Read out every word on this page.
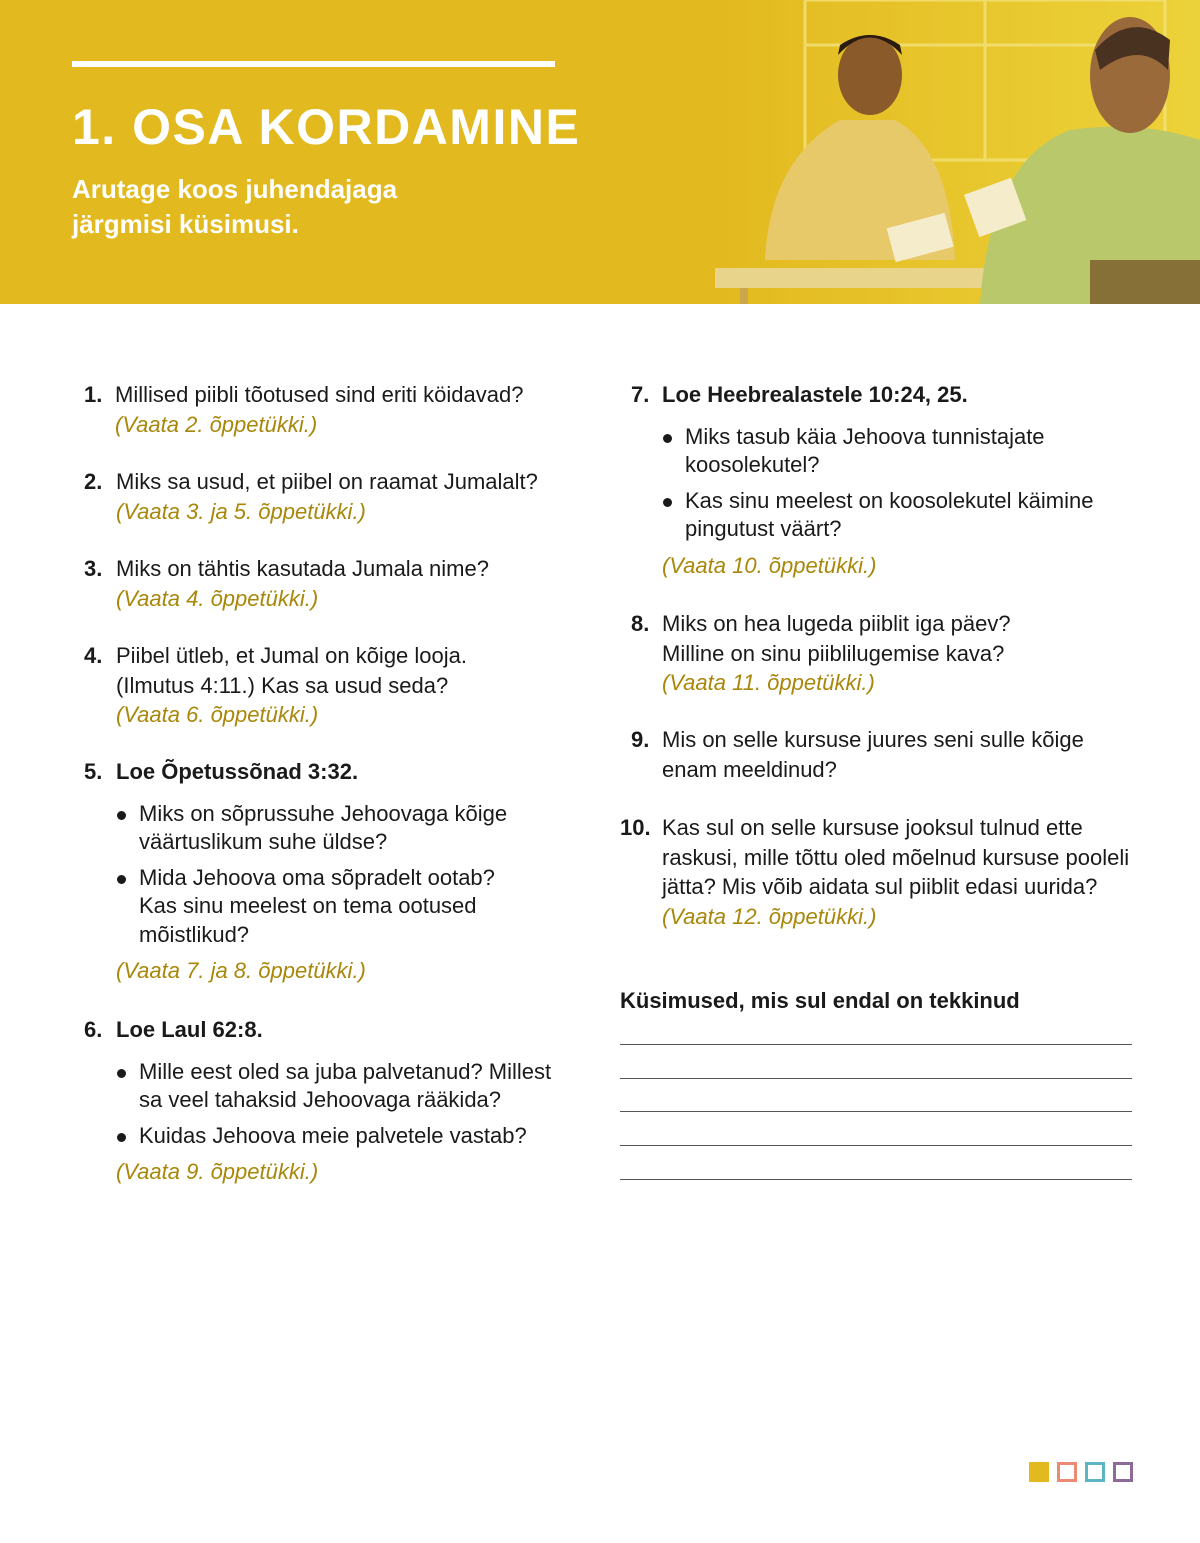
1. OSA KORDAMINE

Arutage koos juhendajaga järgmisi küsimusi.

1. Millised piibli tõotused sind eriti köidavad?
(Vaata 2. õppetükki.)
2. Miks sa usud, et piibel on raamat Jumalalt?
(Vaata 3. ja 5. õppetükki.)
3. Miks on tähtis kasutada Jumala nime?
(Vaata 4. õppetükki.)
4. Piibel ütleb, et Jumal on kõige looja. (Ilmutus 4:11.) Kas sa usud seda?
(Vaata 6. õppetükki.)
5. Loe Õpetussõnad 3:32.
Miks on sõprussuhe Jehoovaga kõige väärtuslikum suhe üldse?
Mida Jehoova oma sõpradelt ootab? Kas sinu meelest on tema ootused mõistlikud?
(Vaata 7. ja 8. õppetükki.)
6. Loe Laul 62:8.
Mille eest oled sa juba palvetanud? Millest sa veel tahaksid Jehoovaga rääkida?
Kuidas Jehoova meie palvetele vastab?
(Vaata 9. õppetükki.)
7. Loe Heebrealastele 10:24, 25.
Miks tasub käia Jehoova tunnistajate koosolekutel?
Kas sinu meelest on koosolekutel käimine pingutust väärt?
(Vaata 10. õppetükki.)
8. Miks on hea lugeda piiblit iga päev? Milline on sinu piiblilugemise kava?
(Vaata 11. õppetükki.)
9. Mis on selle kursuse juures seni sulle kõige enam meeldinud?
10. Kas sul on selle kursuse jooksul tulnud ette raskusi, mille tõttu oled mõelnud kursuse pooleli jätta? Mis võib aidata sul piiblit edasi uurida?
(Vaata 12. õppetükki.)
Küsimused, mis sul endal on tekkinud
